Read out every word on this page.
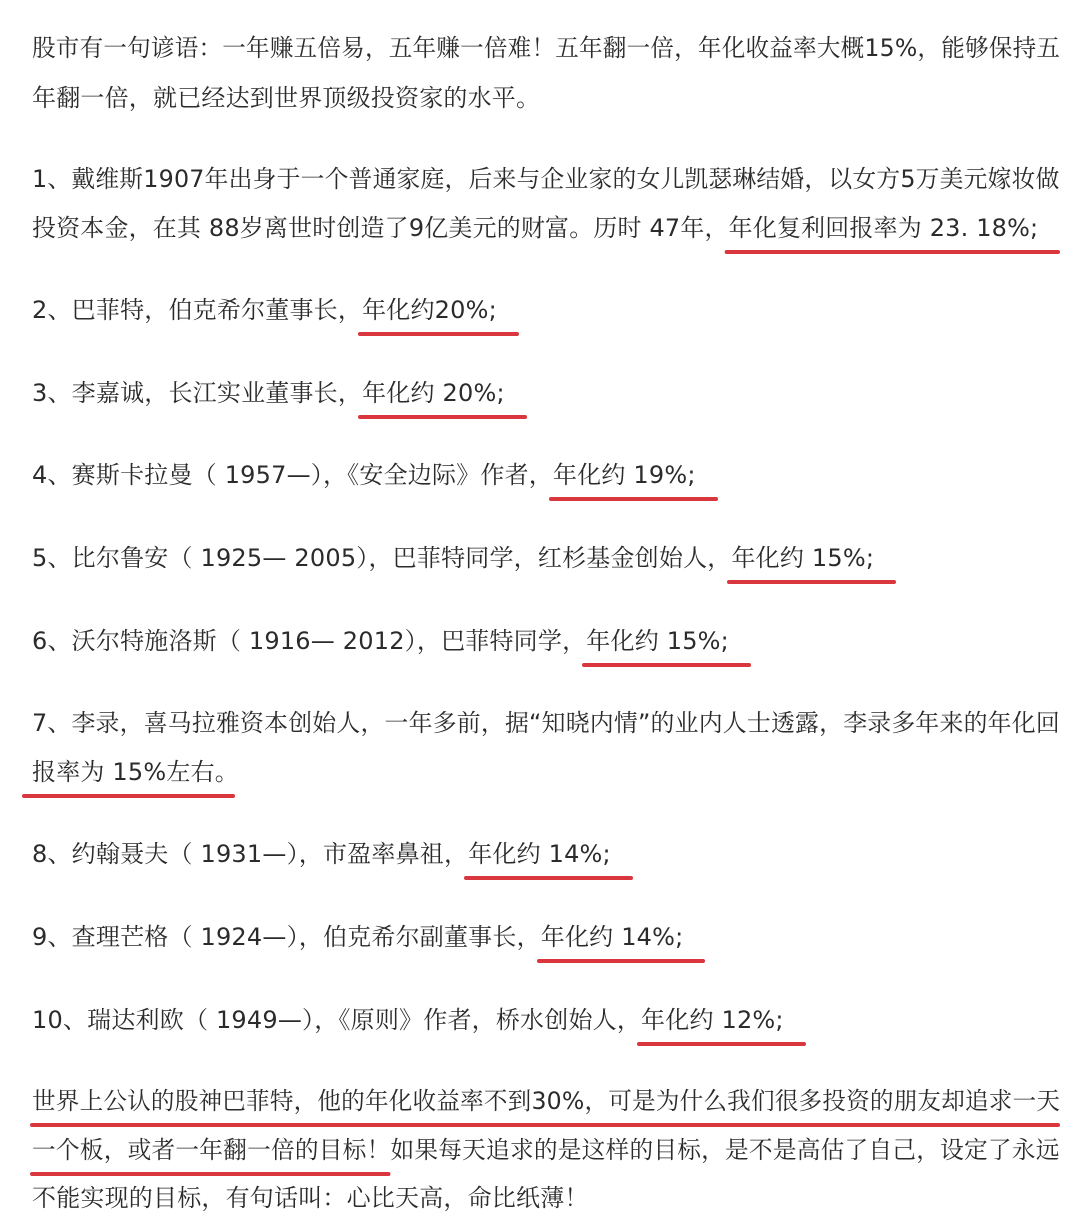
股市有一句谚语：一年赚五倍易，五年赚一倍难！五年翻一倍，年化收益率大概15%，能够保持五
年翻一倍，就已经达到世界顶级投资家的水平。
1、戴维斯1907年出身于一个普通家庭，后来与企业家的女儿凯瑟琳结婚，以女方5万美元嫁妆做
投资本金，在其 88岁离世时创造了9亿美元的财富。历时 47年，年化复利回报率为 23. 18%;
2、巴菲特，伯克希尔董事长，年化约20%;
3、李嘉诚，长江实业董事长，年化约 20%;
4、赛斯卡拉曼（ 1957—），《安全边际》作者，年化约 19%;
5、比尔鲁安（ 1925— 2005），巴菲特同学，红杉基金创始人，年化约 15%;
6、沃尔特施洛斯（ 1916— 2012），巴菲特同学，年化约 15%;
7、李录，喜马拉雅资本创始人，一年多前，据“知晓内情”的业内人士透露，李录多年来的年化回
报率为 15%左右。
8、约翰聂夫（ 1931—），市盈率鼻祖，年化约 14%;
9、查理芒格（ 1924—），伯克希尔副董事长，年化约 14%;
10、瑞达利欧（ 1949—），《原则》作者，桥水创始人，年化约 12%;
世界上公认的股神巴菲特，他的年化收益率不到30%，可是为什么我们很多投资的朋友却追求一天
一个板，或者一年翻一倍的目标！如果每天追求的是这样的目标，是不是高估了自己，设定了永远
不能实现的目标，有句话叫：心比天高，命比纸薄！
